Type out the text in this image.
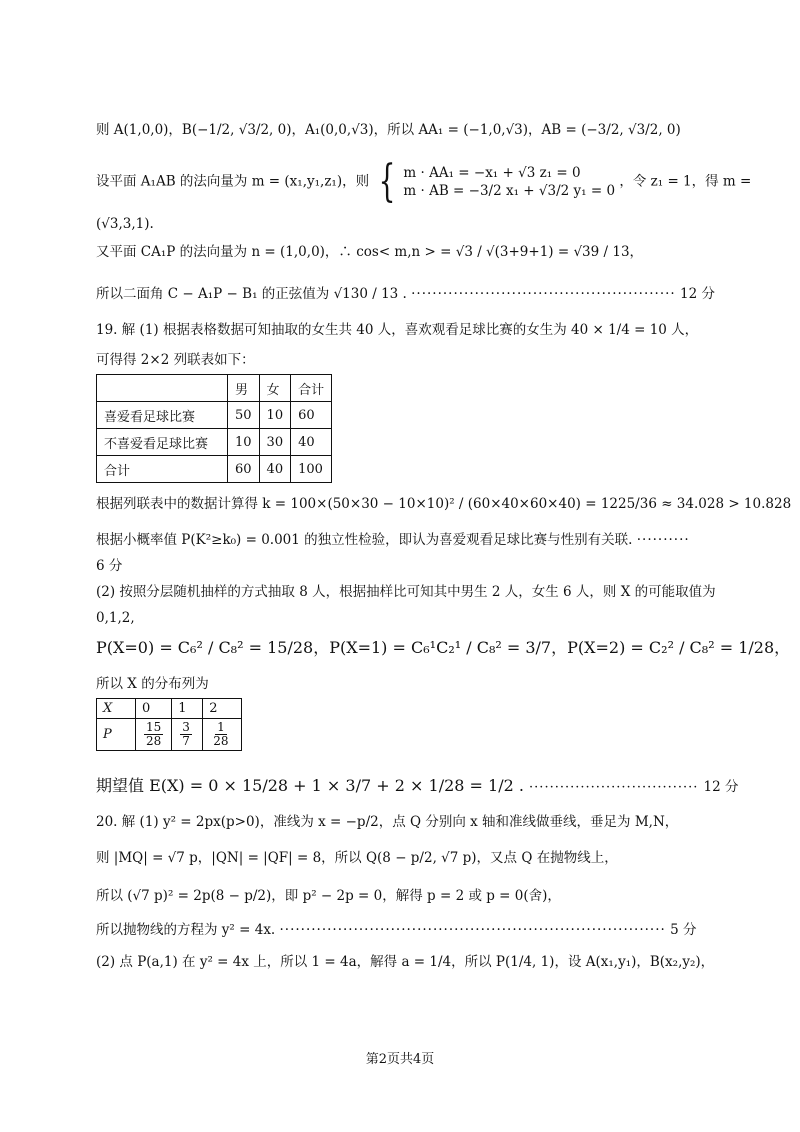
则 A(1,0,0)，B(−1/2, √3/2, 0)，A₁(0,0,√3)，所以 AA₁ = (−1,0,√3)，AB = (−3/2, √3/2, 0)
设平面 A₁AB 的法向量为 m = (x₁,y₁,z₁)，则 { m · AA₁ = −x₁ + √3 z₁ = 0
m · AB = −3/2 x₁ + √3/2 y₁ = 0
，令 z₁ = 1，得 m =
(√3,3,1).
又平面 CA₁P 的法向量为 n = (1,0,0)，∴ cos< m,n > = √3 / √(3+9+1) = √39 / 13，
所以二面角 C − A₁P − B₁ 的正弦值为 √130 / 13 . ·················································· 12 分
19. 解 (1) 根据表格数据可知抽取的女生共 40 人，喜欢观看足球比赛的女生为 40 × 1/4 = 10 人，
可得得 2×2 列联表如下：
	男	女	合计
喜爱看足球比赛	50	10	60
不喜爱看足球比赛	10	30	40
合计	60	40	100
根据列联表中的数据计算得 k = 100×(50×30 − 10×10)² / (60×40×60×40) = 1225/36 ≈ 34.028 > 10.828
根据小概率值 P(K²≥k₀) = 0.001 的独立性检验，即认为喜爱观看足球比赛与性别有关联. ··········
6 分
(2) 按照分层随机抽样的方式抽取 8 人，根据抽样比可知其中男生 2 人，女生 6 人，则 X 的可能取值为
0,1,2,
P(X=0) = C₆² / C₈² = 15/28，P(X=1) = C₆¹C₂¹ / C₈² = 3/7，P(X=2) = C₂² / C₈² = 1/28，
所以 X 的分布列为
X	0	1	2
P	$\frac{15}{28}$	$\frac{3}{7}$	$\frac{1}{28}$
期望值 E(X) = 0 × 15/28 + 1 × 3/7 + 2 × 1/28 = 1/2 . ································· 12 分
20. 解 (1) y² = 2px(p>0)，准线为 x = −p/2，点 Q 分别向 x 轴和准线做垂线，垂足为 M,N，
则 |MQ| = √7 p，|QN| = |QF| = 8，所以 Q(8 − p/2, √7 p)，又点 Q 在抛物线上，
所以 (√7 p)² = 2p(8 − p/2)，即 p² − 2p = 0，解得 p = 2 或 p = 0(舍)，
所以抛物线的方程为 y² = 4x. ········································································· 5 分
(2) 点 P(a,1) 在 y² = 4x 上，所以 1 = 4a，解得 a = 1/4，所以 P(1/4, 1)，设 A(x₁,y₁)，B(x₂,y₂)，
第2页共4页
